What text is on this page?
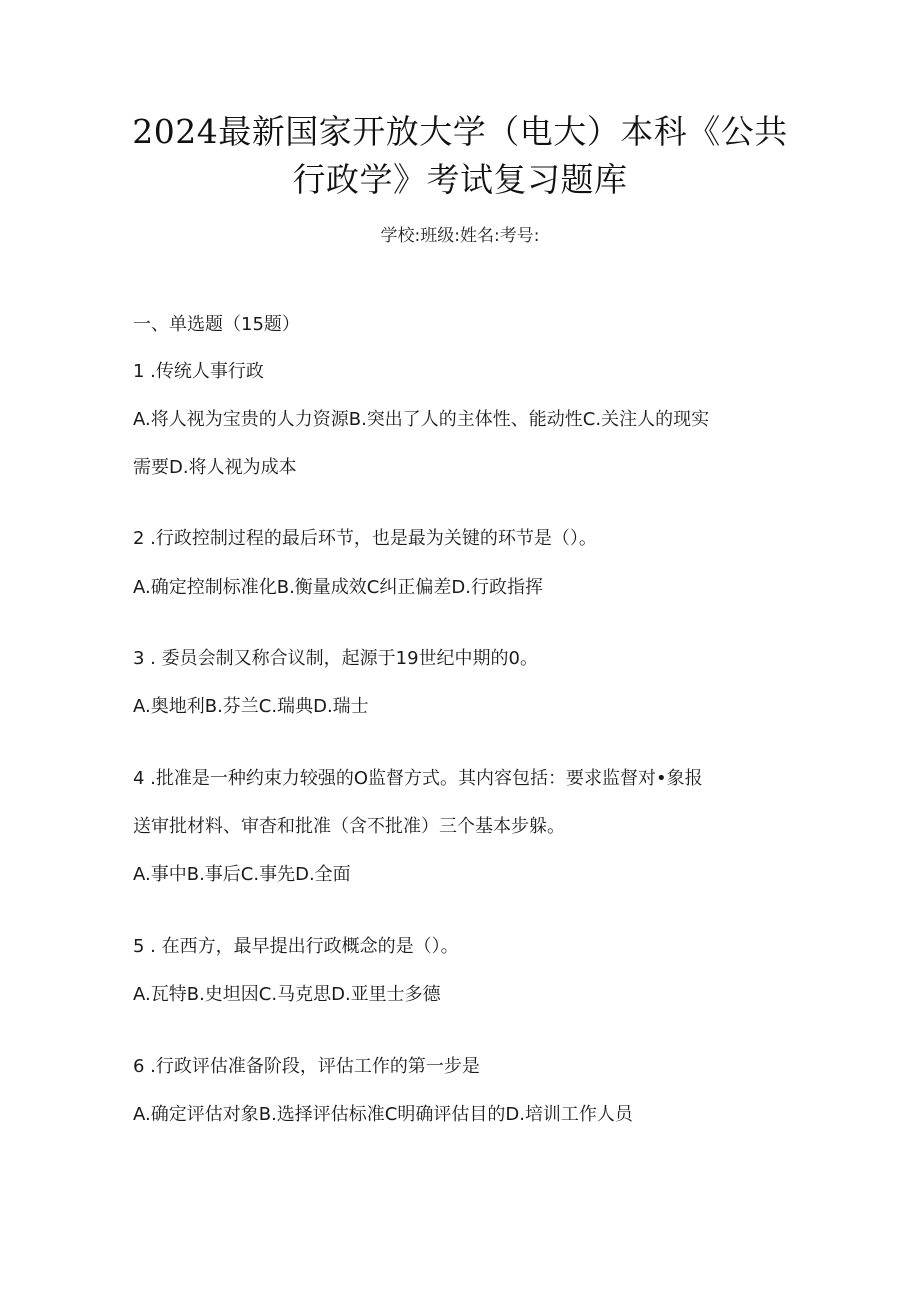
2024最新国家开放大学（电大）本科《公共
行政学》考试复习题库
学校:班级:姓名:考号:
一、单选题（15题）
1 .传统人事行政
A.将人视为宝贵的人力资源B.突出了人的主体性、能动性C.关注人的现实
需要D.将人视为成本
2 .行政控制过程的最后环节，也是最为关键的环节是（）。
A.确定控制标准化B.衡量成效C纠正偏差D.行政指挥
3 . 委员会制又称合议制，起源于19世纪中期的0。
A.奥地利B.芬兰C.瑞典D.瑞士
4 .批准是一种约束力较强的O监督方式。其内容包括：要求监督对•象报
送审批材料、审杳和批准（含不批准）三个基本步躲。
A.事中B.事后C.事先D.全面
5 . 在西方，最早提出行政概念的是（）。
A.瓦特B.史坦因C.马克思D.亚里士多德
6 .行政评估准备阶段，评估工作的第一步是
A.确定评估对象B.选择评估标准C明确评估目的D.培训工作人员
